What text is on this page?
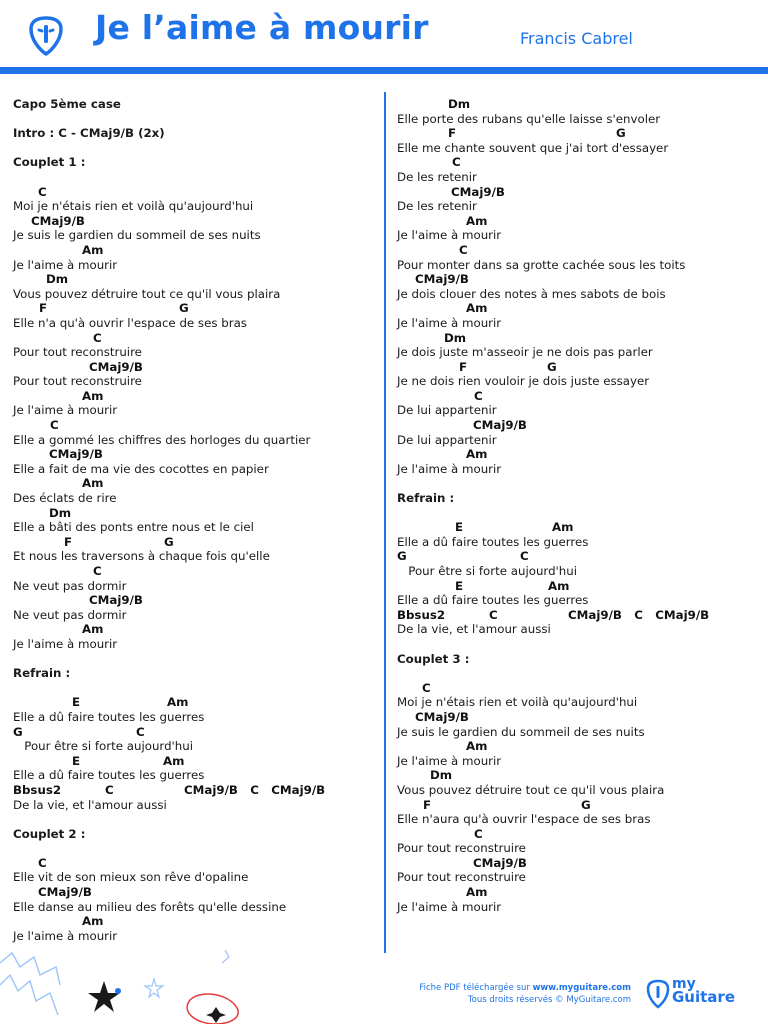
Je l’aime à mourir	Francis Cabrel
Capo 5ème case
Intro : C - CMaj9/B (2x)
Couplet 1 :
C
Moi je n'étais rien et voilà qu'aujourd'hui
CMaj9/B
Je suis le gardien du sommeil de ses nuits
Am
Je l'aime à mourir
Dm
Vous pouvez détruire tout ce qu'il vous plaira
F	G
Elle n'a qu'à ouvrir l'espace de ses bras
C
Pour tout reconstruire
CMaj9/B
Pour tout reconstruire
Am
Je l'aime à mourir
C
Elle a gommé les chiffres des horloges du quartier
CMaj9/B
Elle a fait de ma vie des cocottes en papier
Am
Des éclats de rire
Dm
Elle a bâti des ponts entre nous et le ciel
F	G
Et nous les traversons à chaque fois qu'elle
C
Ne veut pas dormir
CMaj9/B
Ne veut pas dormir
Am
Je l'aime à mourir
Refrain :
E	Am
Elle a dû faire toutes les guerres
G	C
Pour être si forte aujourd'hui
E	Am
Elle a dû faire toutes les guerres
Bbsus2	C	CMaj9/B   C   CMaj9/B
De la vie, et l'amour aussi
Couplet 2 :
C
Elle vit de son mieux son rêve d'opaline
CMaj9/B
Elle danse au milieu des forêts qu'elle dessine
Am
Je l'aime à mourir
Dm
Elle porte des rubans qu'elle laisse s'envoler
F	G
Elle me chante souvent que j'ai tort d'essayer
C
De les retenir
CMaj9/B
De les retenir
Am
Je l'aime à mourir
C
Pour monter dans sa grotte cachée sous les toits
CMaj9/B
Je dois clouer des notes à mes sabots de bois
Am
Je l'aime à mourir
Dm
Je dois juste m'asseoir je ne dois pas parler
F	G
Je ne dois rien vouloir je dois juste essayer
C
De lui appartenir
CMaj9/B
De lui appartenir
Am
Je l'aime à mourir
Refrain :
E	Am
Elle a dû faire toutes les guerres
G	C
Pour être si forte aujourd'hui
E	Am
Elle a dû faire toutes les guerres
Bbsus2	C	CMaj9/B   C   CMaj9/B
De la vie, et l'amour aussi
Couplet 3 :
C
Moi je n'étais rien et voilà qu'aujourd'hui
CMaj9/B
Je suis le gardien du sommeil de ses nuits
Am
Je l'aime à mourir
Dm
Vous pouvez détruire tout ce qu'il vous plaira
F	G
Elle n'aura qu'à ouvrir l'espace de ses bras
C
Pour tout reconstruire
CMaj9/B
Pour tout reconstruire
Am
Je l'aime à mourir
Fiche PDF téléchargée sur www.myguitare.com
Tous droits réservés © MyGuitare.com
my
Guitare
